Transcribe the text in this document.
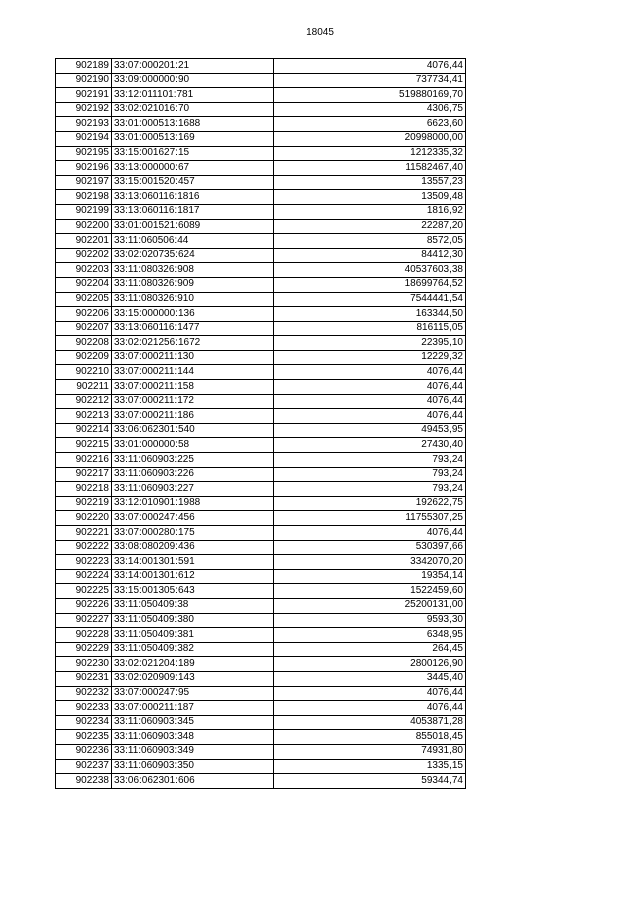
18045
902189	33:07:000201:21	4076,44
902190	33:09:000000:90	737734,41
902191	33:12:011101:781	519880169,70
902192	33:02:021016:70	4306,75
902193	33:01:000513:1688	6623,60
902194	33:01:000513:169	20998000,00
902195	33:15:001627:15	1212335,32
902196	33:13:000000:67	11582467,40
902197	33:15:001520:457	13557,23
902198	33:13:060116:1816	13509,48
902199	33:13:060116:1817	1816,92
902200	33:01:001521:6089	22287,20
902201	33:11:060506:44	8572,05
902202	33:02:020735:624	84412,30
902203	33:11:080326:908	40537603,38
902204	33:11:080326:909	18699764,52
902205	33:11:080326:910	7544441,54
902206	33:15:000000:136	163344,50
902207	33:13:060116:1477	816115,05
902208	33:02:021256:1672	22395,10
902209	33:07:000211:130	12229,32
902210	33:07:000211:144	4076,44
902211	33:07:000211:158	4076,44
902212	33:07:000211:172	4076,44
902213	33:07:000211:186	4076,44
902214	33:06:062301:540	49453,95
902215	33:01:000000:58	27430,40
902216	33:11:060903:225	793,24
902217	33:11:060903:226	793,24
902218	33:11:060903:227	793,24
902219	33:12:010901:1988	192622,75
902220	33:07:000247:456	11755307,25
902221	33:07:000280:175	4076,44
902222	33:08:080209:436	530397,66
902223	33:14:001301:591	3342070,20
902224	33:14:001301:612	19354,14
902225	33:15:001305:643	1522459,60
902226	33:11:050409:38	25200131,00
902227	33:11:050409:380	9593,30
902228	33:11:050409:381	6348,95
902229	33:11:050409:382	264,45
902230	33:02:021204:189	2800126,90
902231	33:02:020909:143	3445,40
902232	33:07:000247:95	4076,44
902233	33:07:000211:187	4076,44
902234	33:11:060903:345	4053871,28
902235	33:11:060903:348	855018,45
902236	33:11:060903:349	74931,80
902237	33:11:060903:350	1335,15
902238	33:06:062301:606	59344,74
